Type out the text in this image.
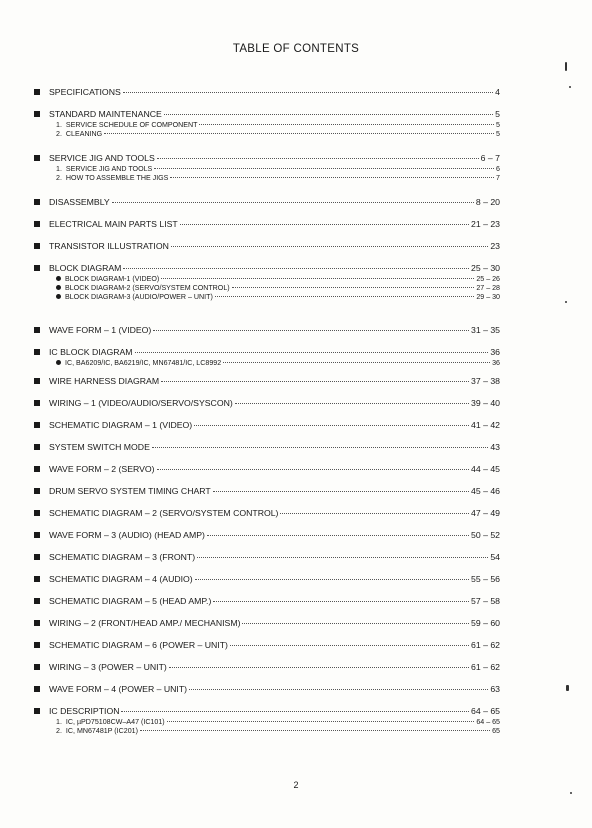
TABLE OF CONTENTS
SPECIFICATIONS	4
STANDARD MAINTENANCE	5
1. SERVICE SCHEDULE OF COMPONENT	5
2. CLEANING	5
SERVICE JIG AND TOOLS	6 – 7
1. SERVICE JIG AND TOOLS	6
2. HOW TO ASSEMBLE THE JIGS	7
DISASSEMBLY	8 – 20
ELECTRICAL MAIN PARTS LIST	21 – 23
TRANSISTOR ILLUSTRATION	23
BLOCK DIAGRAM	25 – 30
BLOCK DIAGRAM-1 (VIDEO)	25 – 26
BLOCK DIAGRAM-2 (SERVO/SYSTEM CONTROL)	27 – 28
BLOCK DIAGRAM-3 (AUDIO/POWER – UNIT)	29 – 30
WAVE FORM – 1 (VIDEO)	31 – 35
IC BLOCK DIAGRAM	36
IC, BA6209/IC, BA6219/IC, MN67481/IC, LC8992	36
WIRE HARNESS DIAGRAM	37 – 38
WIRING – 1 (VIDEO/AUDIO/SERVO/SYSCON)	39 – 40
SCHEMATIC DIAGRAM – 1 (VIDEO)	41 – 42
SYSTEM SWITCH MODE	43
WAVE FORM – 2 (SERVO)	44 – 45
DRUM SERVO SYSTEM TIMING CHART	45 – 46
SCHEMATIC DIAGRAM – 2 (SERVO/SYSTEM CONTROL)	47 – 49
WAVE FORM – 3 (AUDIO) (HEAD AMP)	50 – 52
SCHEMATIC DIAGRAM – 3 (FRONT)	54
SCHEMATIC DIAGRAM – 4 (AUDIO)	55 – 56
SCHEMATIC DIAGRAM – 5 (HEAD AMP.)	57 – 58
WIRING – 2 (FRONT/HEAD AMP./ MECHANISM)	59 – 60
SCHEMATIC DIAGRAM – 6 (POWER – UNIT)	61 – 62
WIRING – 3 (POWER – UNIT)	61 – 62
WAVE FORM – 4 (POWER – UNIT)	63
IC DESCRIPTION	64 – 65
1. IC, µPD75108CW–A47 (IC101)	64 – 65
2. IC, MN67481P (IC201)	65
2
